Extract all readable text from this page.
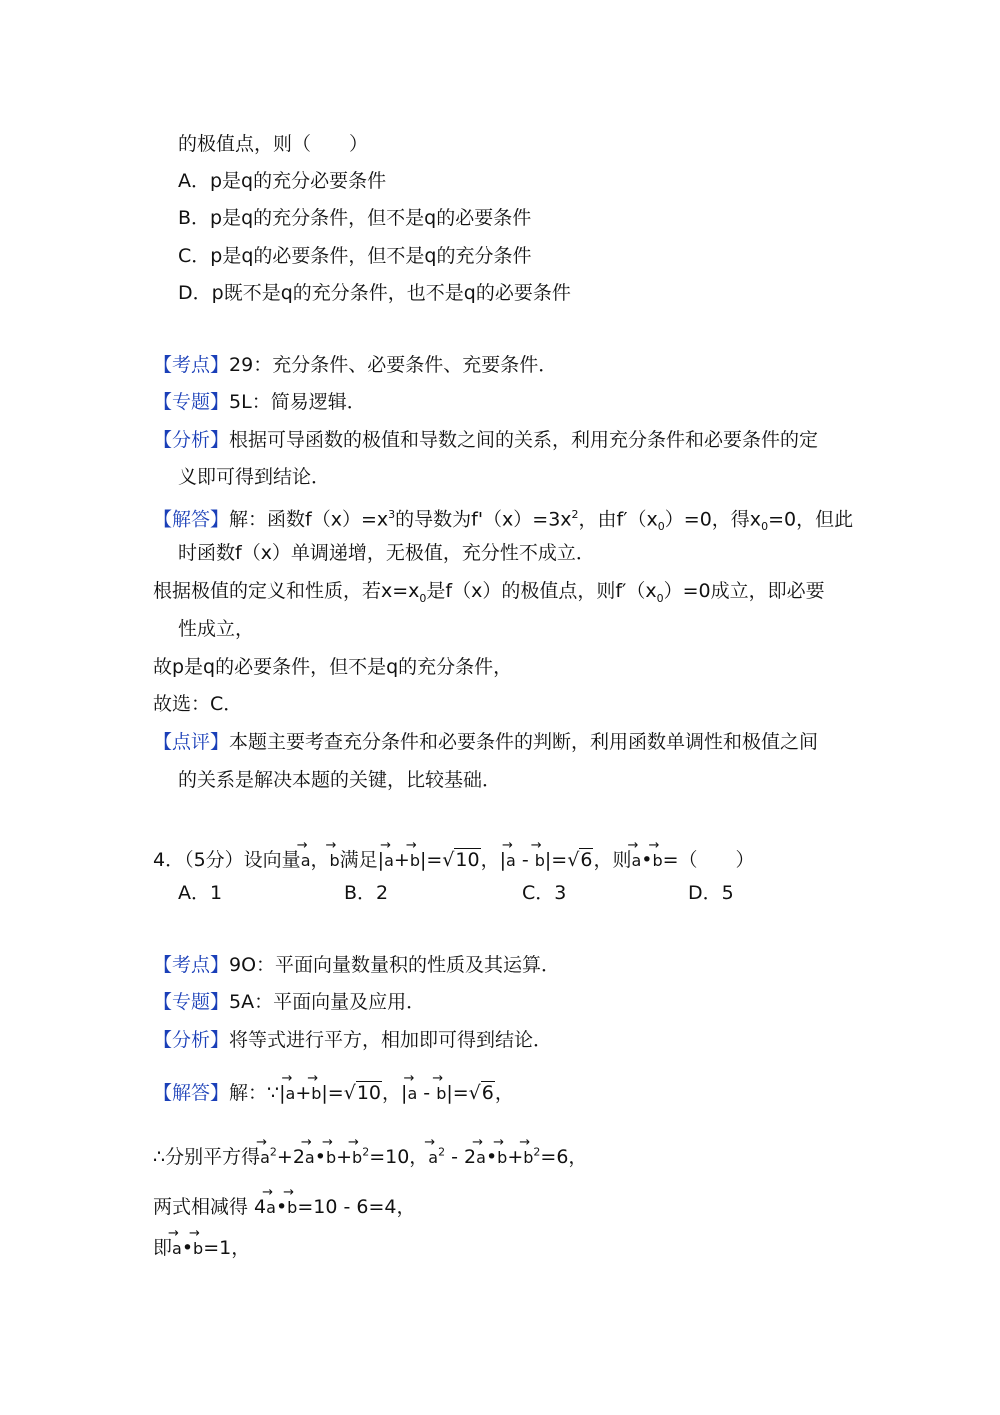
的极值点，则（　　）
A．p是q的充分必要条件
B．p是q的充分条件，但不是q的必要条件
C．p是q的必要条件，但不是q的充分条件
D．p既不是q的充分条件，也不是q的必要条件
【考点】29：充分条件、必要条件、充要条件．
【专题】5L：简易逻辑．
【分析】根据可导函数的极值和导数之间的关系，利用充分条件和必要条件的定
义即可得到结论．
【解答】解：函数$f(x)=x^3$的导数为$f'(x)=3x^2$，由$f'(x_0)=0$，得$x_0=0$，但此
时函数f（x）单调递增，无极值，充分性不成立．
根据极值的定义和性质，若$x=x_0$是f（x）的极值点，则$f'(x_0)=0$成立，即必要
性成立，
故p是q的必要条件，但不是q的充分条件，
故选：C．
【点评】本题主要考查充分条件和必要条件的判断，利用函数单调性和极值之间
的关系是解决本题的关键，比较基础．
4．（5分）设向量→ a，→ b满足|→ a+→ b|=√10，|→ a - → b|=√6，则→ a•→ b=（　　）
A．1	B．2	C．3	D．5
【考点】9O：平面向量数量积的性质及其运算．
【专题】5A：平面向量及应用．
【分析】将等式进行平方，相加即可得到结论．
【解答】解：∵|→ a+→ b|=√10，|→ a - → b|=√6，
∴分别平方得→ $a^2+2\to$ a•→ $b+\to b^2=10$，→ $a^2 - 2\to$ a•→ $b+\to b^2=6$，
两式相减得 4→ a•→ b=10 - 6=4，
即→ a•→ b=1，
